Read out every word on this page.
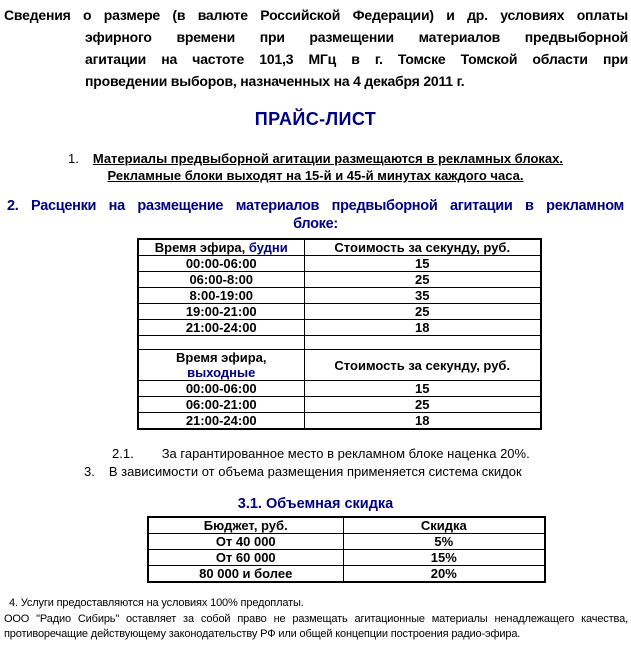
Сведения о размере (в валюте Российской Федерации) и др. условиях оплаты
эфирного времени при размещении материалов предвыборной
агитации на частоте 101,3 МГц в г. Томске Томской области при
проведении выборов, назначенных на 4 декабря 2011 г.
ПРАЙС-ЛИСТ
1. Материалы предвыборной агитации размещаются в рекламных блоках.
Рекламные блоки выходят на 15-й и 45-й минутах каждого часа.
2. Расценки на размещение материалов предвыборной агитации в рекламном
блоке:
Время эфира, будни	Стоимость за секунду, руб.
00:00-06:00	15
06:00-8:00	25
8:00-19:00	35
19:00-21:00	25
21:00-24:00	18

Время эфира,
выходные	Стоимость за секунду, руб.
00:00-06:00	15
06:00-21:00	25
21:00-24:00	18
2.1. За гарантированное место в рекламном блоке наценка 20%.
3. В зависимости от объема размещения применяется система скидок
3.1. Объемная скидка
Бюджет, руб.	Скидка
От 40 000	5%
От 60 000	15%
80 000 и более	20%
4. Услуги предоставляются на условиях 100% предоплаты.
ООО "Радио Сибирь" оставляет за собой право не размещать агитационные материалы ненадлежащего качества,
противоречащие действующему законодательству РФ или общей концепции построения радио-эфира.
